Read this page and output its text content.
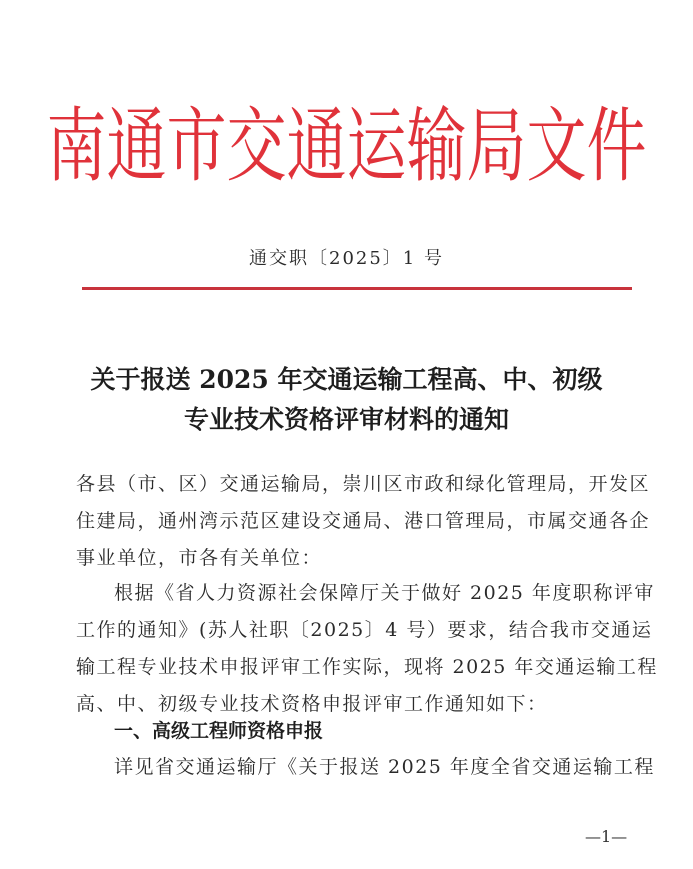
南通市交通运输局文件
通交职〔2025〕1 号
关于报送 2025 年交通运输工程高、中、初级
专业技术资格评审材料的通知
各县（市、区）交通运输局，崇川区市政和绿化管理局，开发区
住建局，通州湾示范区建设交通局、港口管理局，市属交通各企
事业单位，市各有关单位：
根据《省人力资源社会保障厅关于做好 2025 年度职称评审
工作的通知》(苏人社职〔2025〕4 号）要求，结合我市交通运
输工程专业技术申报评审工作实际，现将 2025 年交通运输工程
高、中、初级专业技术资格申报评审工作通知如下：
一、高级工程师资格申报
详见省交通运输厅《关于报送 2025 年度全省交通运输工程
—1—
